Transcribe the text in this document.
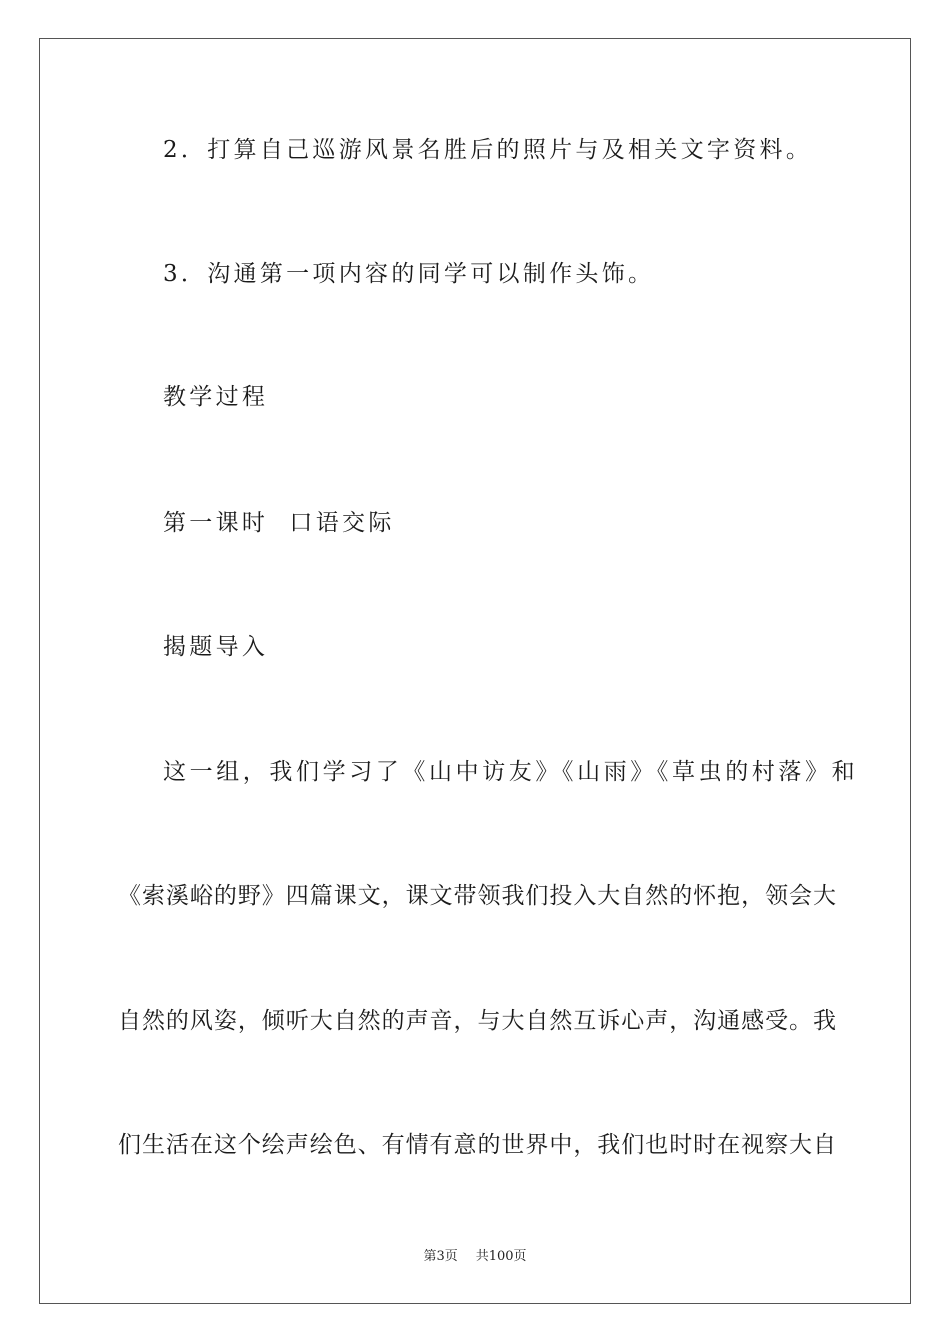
2．打算自己巡游风景名胜后的照片与及相关文字资料。
3．沟通第一项内容的同学可以制作头饰。
教学过程
第一课时  口语交际
揭题导入
这一组，我们学习了《山中访友》《山雨》《草虫的村落》和
《索溪峪的野》四篇课文，课文带领我们投入大自然的怀抱，领会大
自然的风姿，倾听大自然的声音，与大自然互诉心声，沟通感受。我
们生活在这个绘声绘色、有情有意的世界中，我们也时时在视察大自
第3页 共100页
